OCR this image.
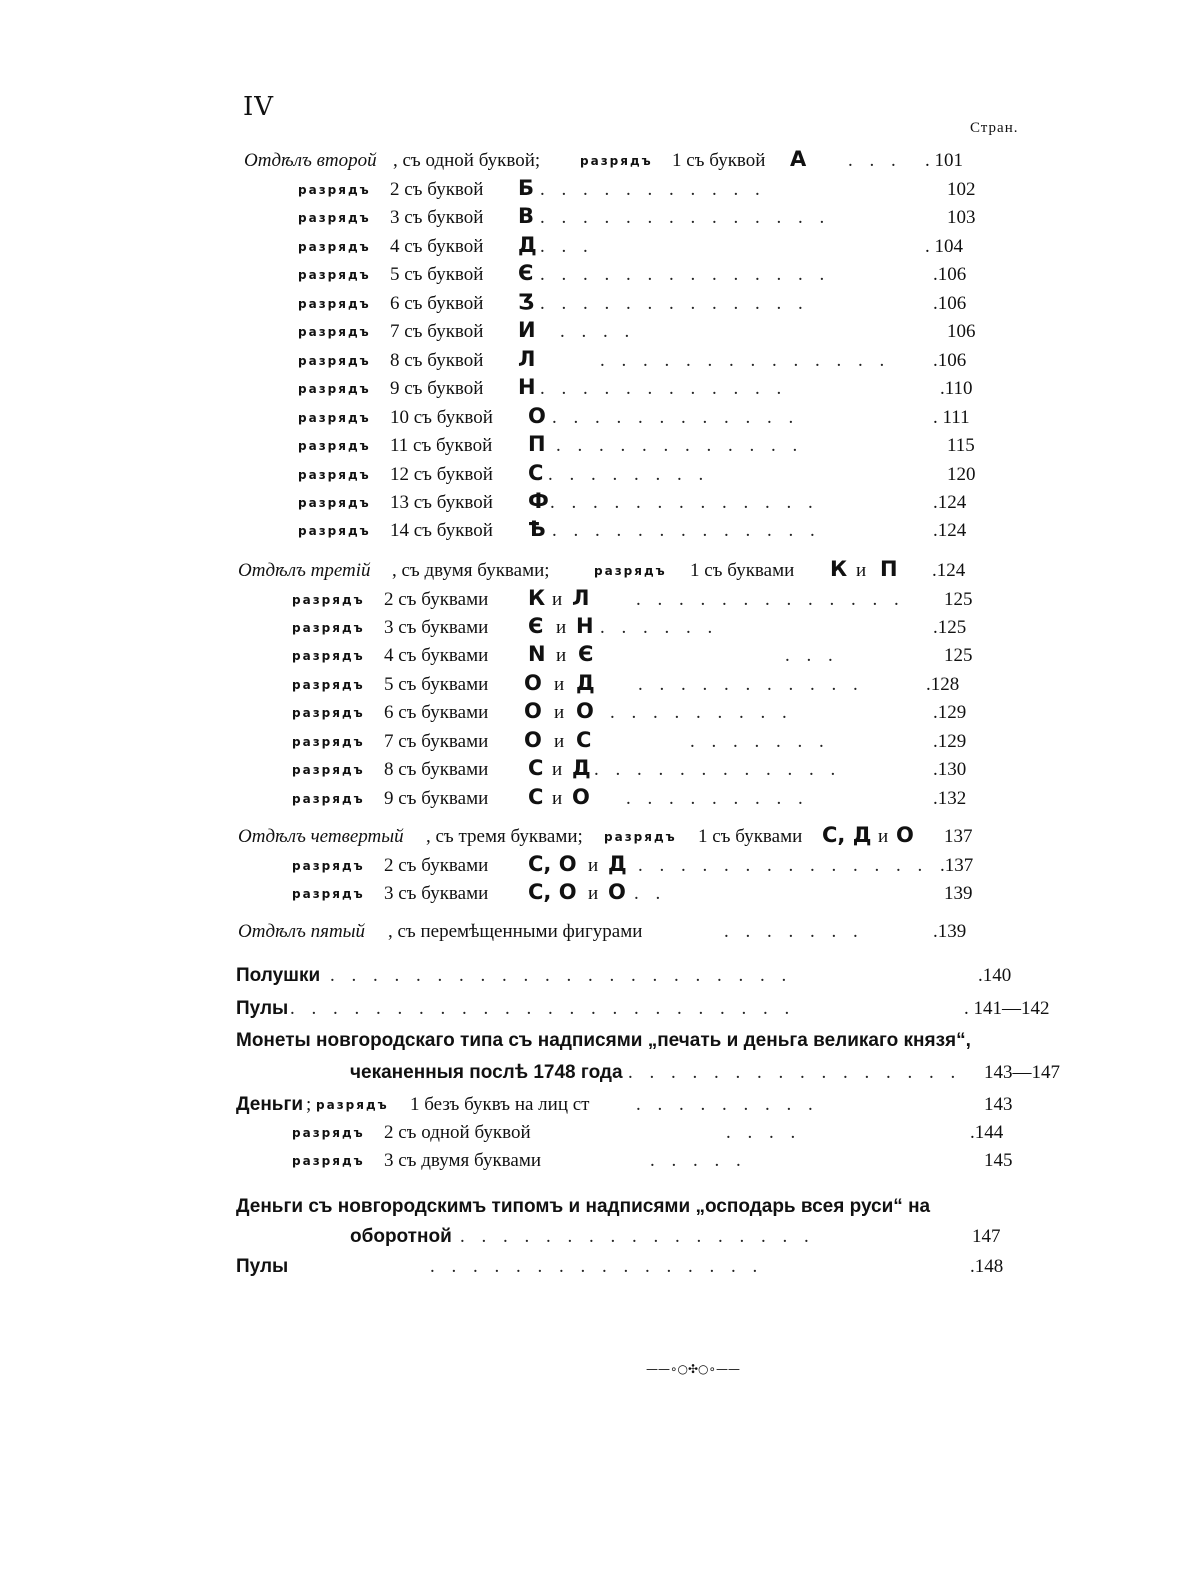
IV
Стран.
Отдѣлъ второй , съ одной буквой;	разрядъ 1 съ буквой А . . . . 101
разрядъ 2 съ буквой Б . . . . . . . . . . .	102
разрядъ 3 съ буквой В . . . . . . . . . . . . . .	103
разрядъ 4 съ буквой Д . . .	. 104
разрядъ 5 съ буквой Є . . . . . . . . . . . . . .	.106
разрядъ 6 съ буквой Ʒ . . . . . . . . . . . . .	.106
разрядъ 7 съ буквой И . . . .	106
разрядъ 8 съ буквой Л	. . . . . . . . . . . . . . .106
разрядъ 9 съ буквой Н . . . . . . . . . . . .	.110
разрядъ 10 съ буквой О . . . . . . . . . . . .	. 111
разрядъ 11 съ буквой П . . . . . . . . . . . .	115
разрядъ 12 съ буквой С . . . . . . . .	120
разрядъ 13 съ буквой Ф . . . . . . . . . . . . .	.124
разрядъ 14 съ буквой Ѣ . . . . . . . . . . . . .	.124
Отдѣлъ третій , съ двумя буквами;	разрядъ 1 съ буквами К и П .124
разрядъ 2 съ буквами К и Л . . . . . . . . . . . . . 125
разрядъ 3 съ буквами Є и Н . . . . . .	.125
разрядъ 4 съ буквами N и Є	. . .	125
разрядъ 5 съ буквами О и Д . . . . . . . . . . .	.128
разрядъ 6 съ буквами О и О . . . . . . . . .	.129
разрядъ 7 съ буквами О и С	. . . . . . .	.129
разрядъ 8 съ буквами С и Д . . . . . . . . . . . .	.130
разрядъ 9 съ буквами С и О . . . . . . . . .	.132
Отдѣлъ четвертый , съ тремя буквами; разрядъ 1 съ буквами С, Д и О 137
разрядъ 2 съ буквами С, О и Д . . . . . . . . . . . . . . .137
разрядъ 3 съ буквами С, О и О . .	139
Отдѣлъ пятый , съ перемѣщенными фигурами	. . . . . . .	.139
Полушки . . . . . . . . . . . . . . . . . . . . . .	.140
Пулы . . . . . . . . . . . . . . . . . . . . . . . .	. 141—142
Монеты новгородскаго типа съ надписями „печать и деньга великаго князя“,
чеканенныя послѣ 1748 года . . . . . . . . . . . . . . . . 143—147
Деньги ; разрядъ 1 безъ буквъ на лиц ст . . . . . . . . .	143
разрядъ 2 съ одной буквой	. . . .	.144
разрядъ 3 съ двумя буквами	. . . . .	145
Деньги съ новгородскимъ типомъ и надписями „осподарь всея руси“ на
оборотной . . . . . . . . . . . . . . . . .	147
Пулы	. . . . . . . . . . . . . . . .	.148
——∘○✣○∘——
